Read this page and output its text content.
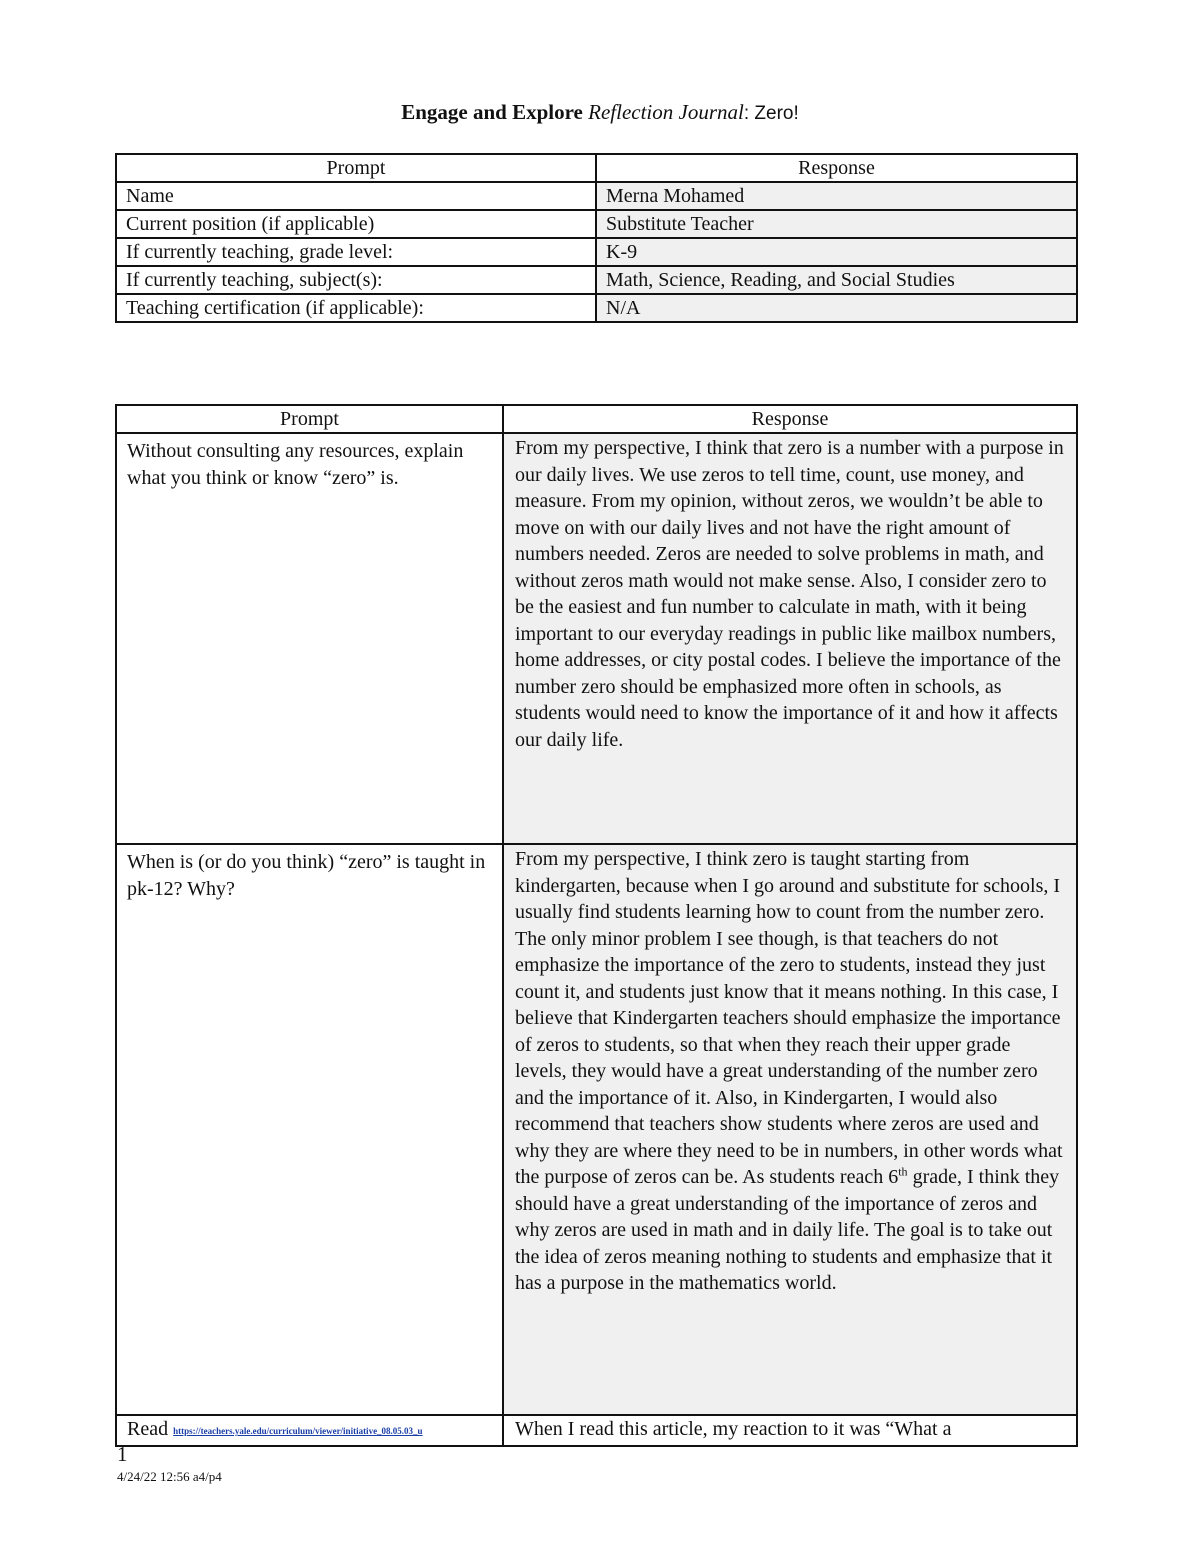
Engage and Explore Reflection Journal: Zero!
Prompt	Response
Name	Merna Mohamed
Current position (if applicable)	Substitute Teacher
If currently teaching, grade level:	K-9
If currently teaching, subject(s):	Math, Science, Reading, and Social Studies
Teaching certification (if applicable):	N/A
Prompt	Response
Without consulting any resources, explain what you think or know “zero” is.	From my perspective, I think that zero is a number with a purpose in our daily lives. We use zeros to tell time, count, use money, and measure. From my opinion, without zeros, we wouldn’t be able to move on with our daily lives and not have the right amount of numbers needed. Zeros are needed to solve problems in math, and without zeros math would not make sense. Also, I consider zero to be the easiest and fun number to calculate in math, with it being important to our everyday readings in public like mailbox numbers, home addresses, or city postal codes. I believe the importance of the number zero should be emphasized more often in schools, as students would need to know the importance of it and how it affects our daily life.
When is (or do you think) “zero” is taught in pk-12? Why?	From my perspective, I think zero is taught starting from kindergarten, because when I go around and substitute for schools, I usually find students learning how to count from the number zero. The only minor problem I see though, is that teachers do not emphasize the importance of the zero to students, instead they just count it, and students just know that it means nothing. In this case, I believe that Kindergarten teachers should emphasize the importance of zeros to students, so that when they reach their upper grade levels, they would have a great understanding of the number zero and the importance of it. Also, in Kindergarten, I would also recommend that teachers show students where zeros are used and why they are where they need to be in numbers, in other words what the purpose of zeros can be. As students reach 6th grade, I think they should have a great understanding of the importance of zeros and why zeros are used in math and in daily life. The goal is to take out the idea of zeros meaning nothing to students and emphasize that it has a purpose in the mathematics world.
Read https://teachers.yale.edu/curriculum/viewer/initiative_08.05.03_u	When I read this article, my reaction to it was “What a
1
4/24/22 12:56 a4/p4
